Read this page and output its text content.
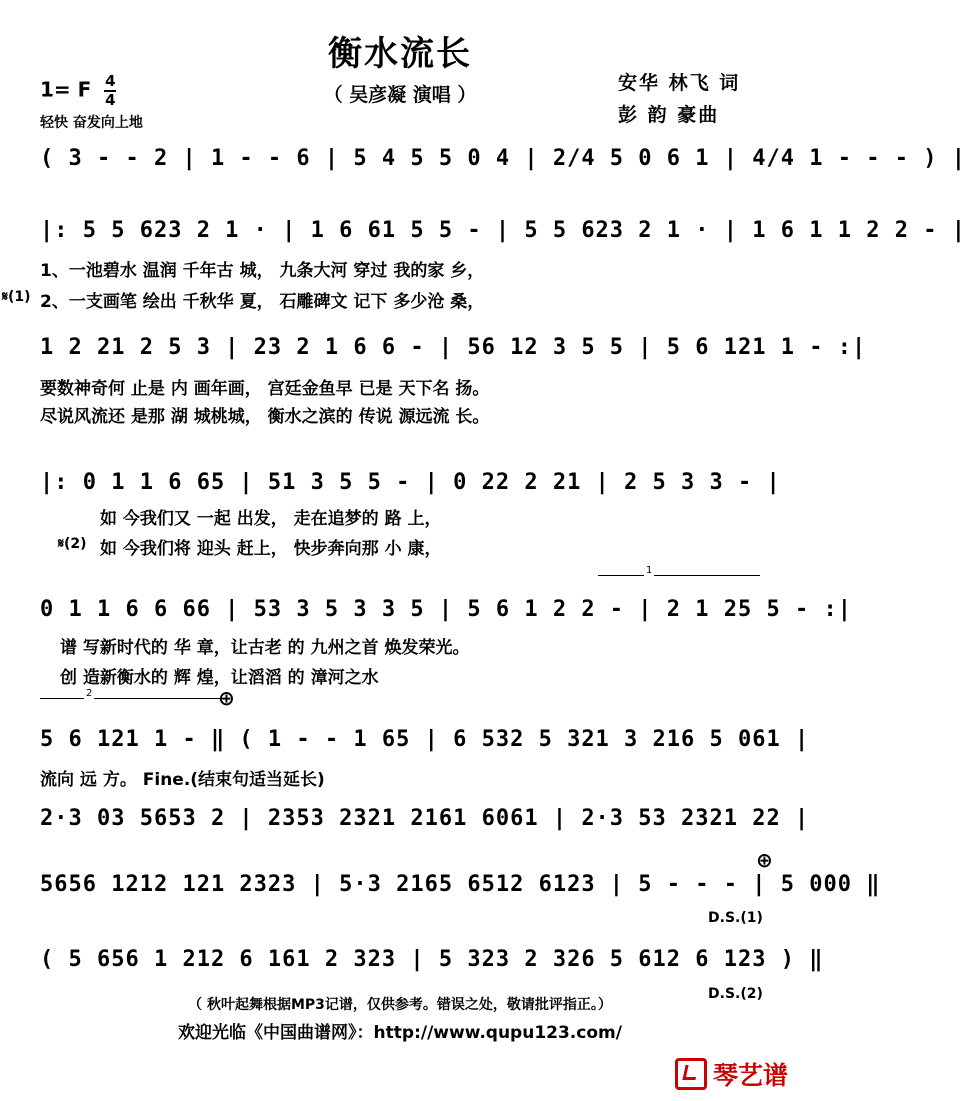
衡水流长
（ 吴彦凝 演唱 ）
1= F $\frac{4}{4}$
轻快 奋发向上地
安华 林飞 词
彭 韵 豪曲
( 3 - - 2 | 1 - - 6 | 5 4 5 5 0 4 | 2/4 5 0 6 1 | 4/4 1 - - - ) |
|: 5 5 623 2 1 · | 1 6 61 5 5 - | 5 5 623 2 1 · | 1 6 1 1 2 2 - |
1、一池碧水 温润 千年古 城， 九条大河 穿过 我的家 乡，
𝄋(1) 2、一支画笔 绘出 千秋华 夏， 石雕碑文 记下 多少沧 桑，
1 2 21 2 5 3 | 23 2 1 6 6 - | 56 12 3 5 5 | 5 6 121 1 - :|
要数神奇何 止是 内 画年画， 宫廷金鱼早 已是 天下名 扬。
尽说风流还 是那 湖 城桃城， 衡水之滨的 传说 源远流 长。
|: 0 1 1 6 65 | 51 3 5 5 - | 0 22 2 21 | 2 5 3 3 - |
如 今我们又 一起 出发， 走在追梦的 路 上，
𝄋(2) 如 今我们将 迎头 赶上， 快步奔向那 小 康，
1
0 1 1 6 6 66 | 53 3 5 3 3 5 | 5 6 1 2 2 - | 2 1 25 5 - :|
谱 写新时代的 华 章，让古老 的 九州之首 焕发荣光。
创 造新衡水的 辉 煌，让滔滔 的 漳河之水
2	⊕
5 6 121 1 - ‖ ( 1 - - 1 65 | 6 532 5 321 3 216 5 061 |
流向 远 方。 Fine.(结束句适当延长)
2·3 03 5653 2 | 2353 2321 2161 6061 | 2·3 53 2321 22 |
⊕
5656 1212 121 2323 | 5·3 2165 6512 6123 | 5 - - - | 5 000 ‖
D.S.(1)
( 5 656 1 212 6 161 2 323 | 5 323 2 326 5 612 6 123 ) ‖
D.S.(2)
（ 秋叶起舞根据MP3记谱，仅供参考。错误之处，敬请批评指正。）
欢迎光临《中国曲谱网》：http://www.qupu123.com/
琴艺谱
